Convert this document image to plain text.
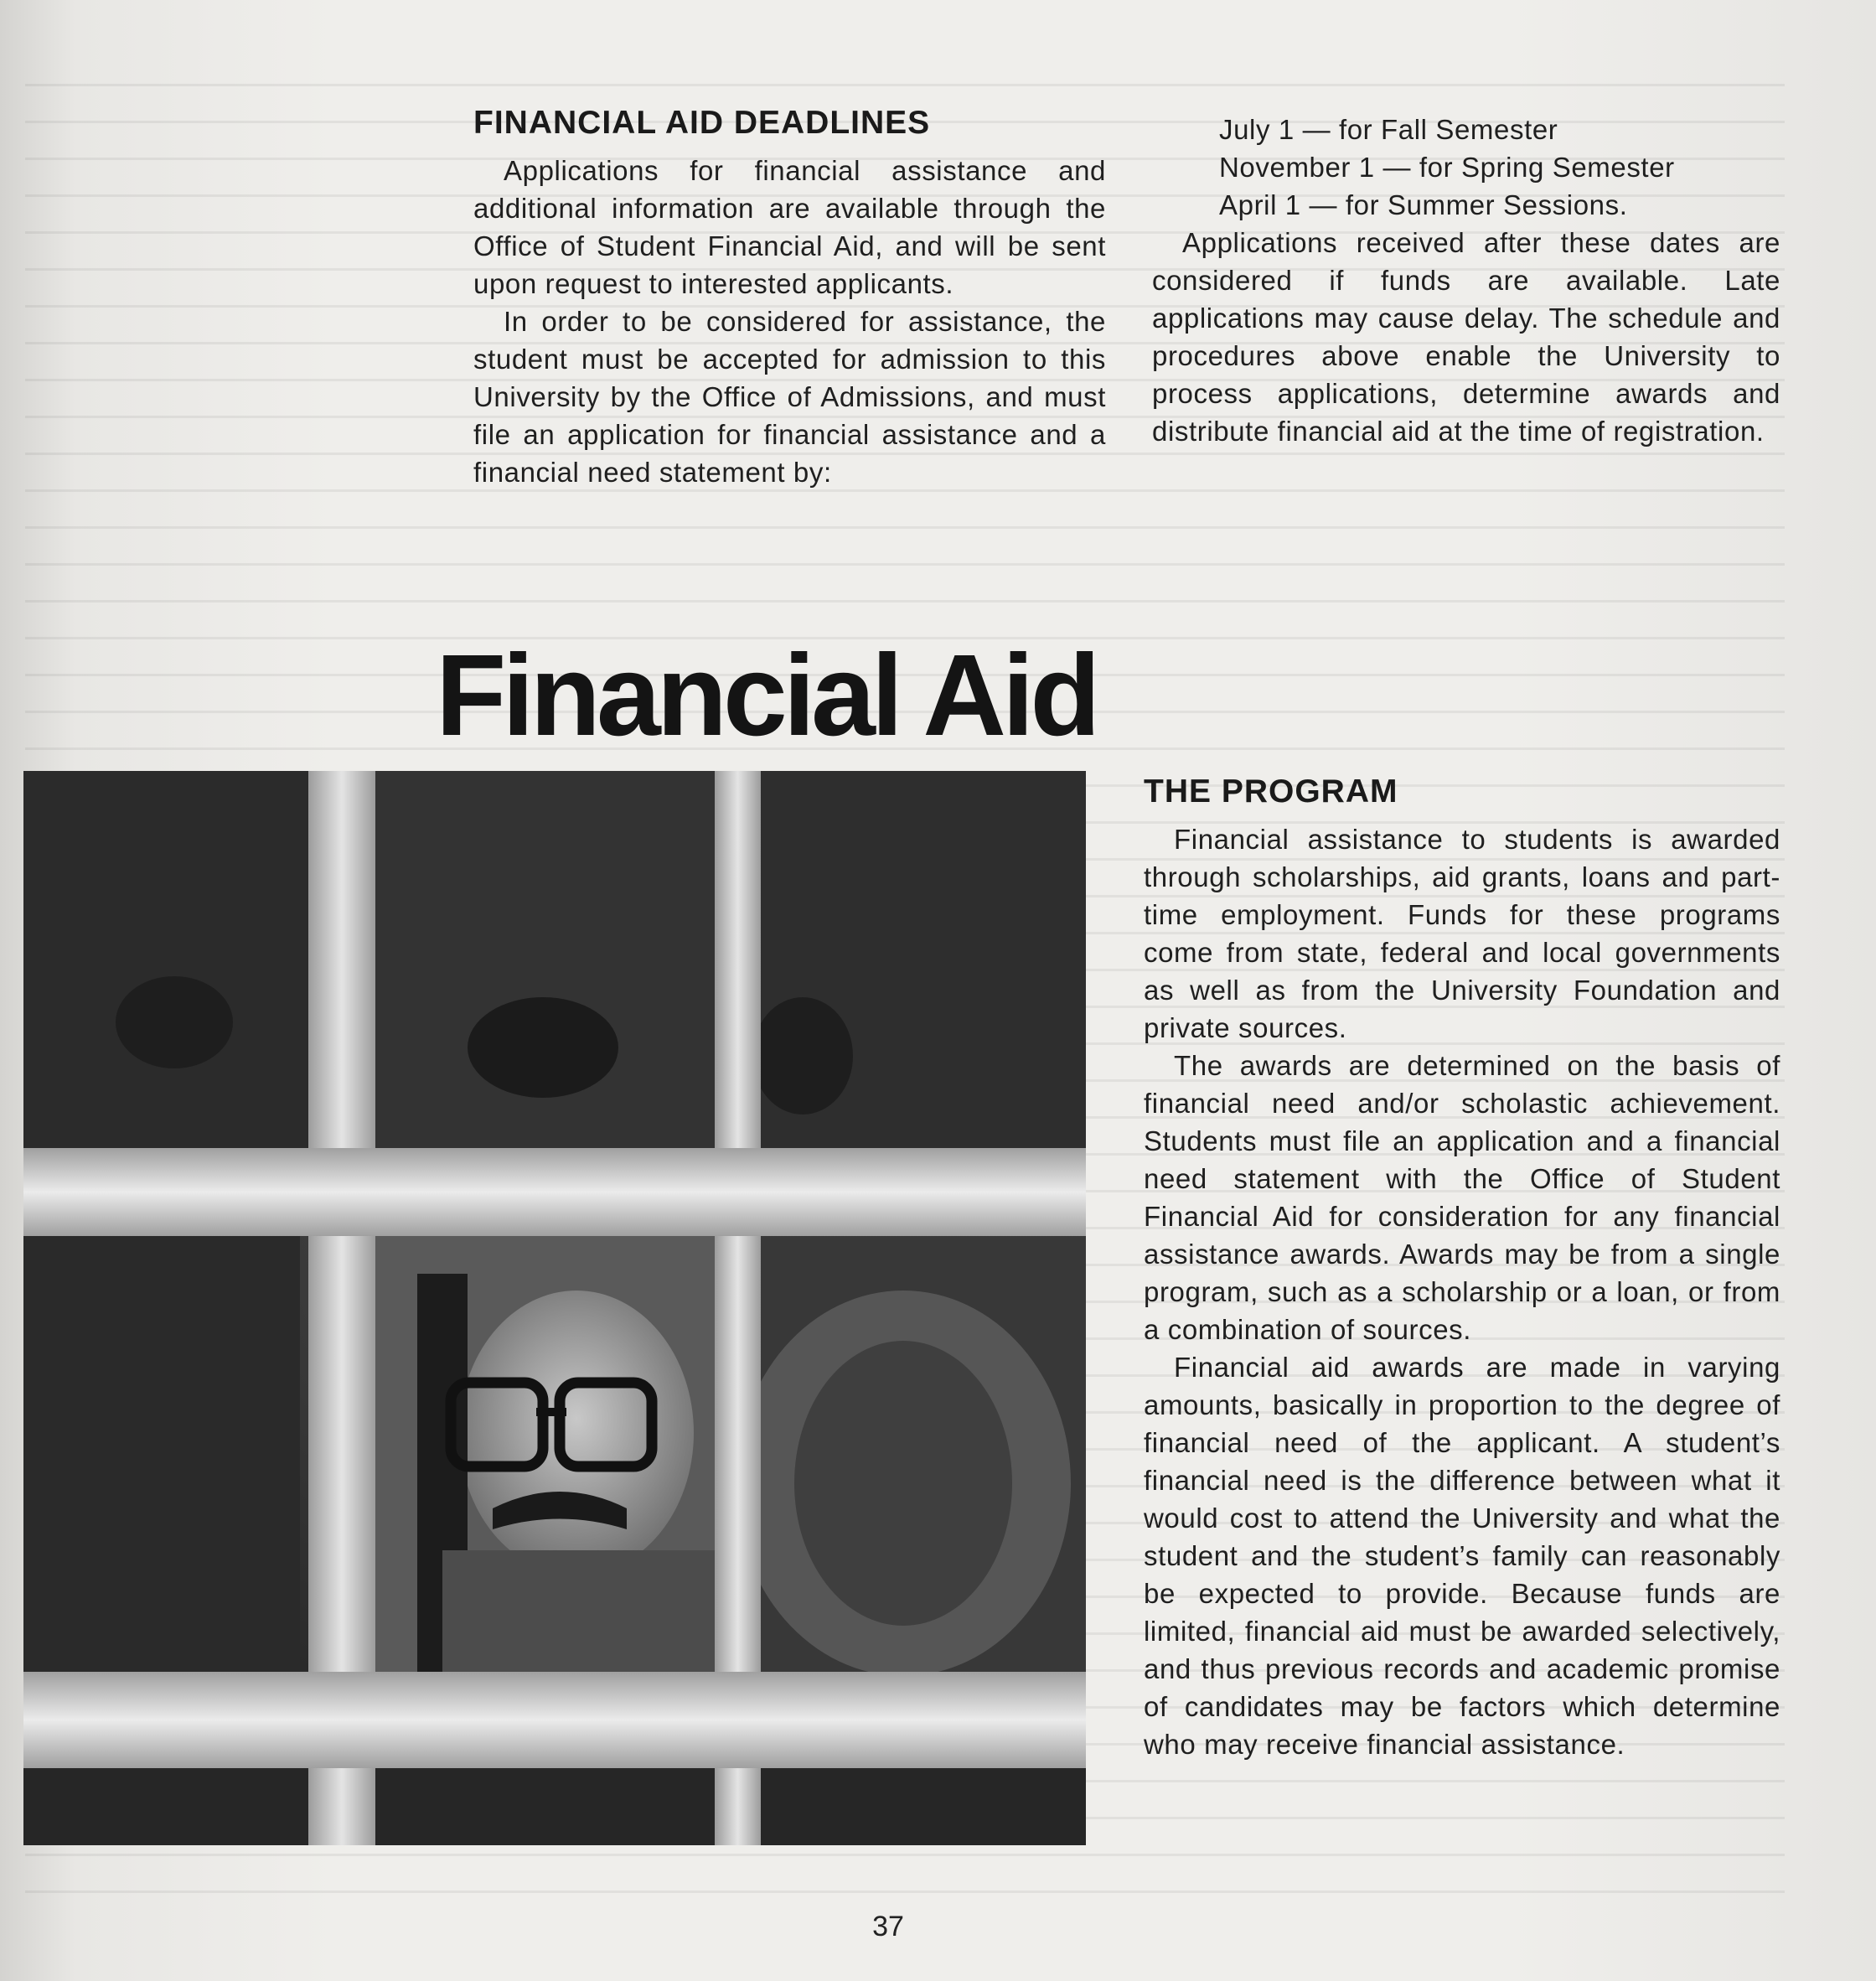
FINANCIAL AID DEADLINES

Applications for financial assistance and additional information are available through the Office of Student Financial Aid, and will be sent upon request to interested applicants.

In order to be considered for assistance, the student must be accepted for admission to this University by the Office of Admissions, and must file an application for financial assistance and a financial need statement by:

July 1 — for Fall Semester

November 1 — for Spring Semester

April 1 — for Summer Sessions.

Applications received after these dates are considered if funds are available. Late applications may cause delay. The schedule and procedures above enable the University to process applications, determine awards and distribute financial aid at the time of registration.

Financial Aid
THE PROGRAM

Financial assistance to students is awarded through scholarships, aid grants, loans and part-time employment. Funds for these programs come from state, federal and local governments as well as from the University Foundation and private sources.

The awards are determined on the basis of financial need and/or scholastic achievement. Students must file an application and a financial need statement with the Office of Student Financial Aid for consideration for any financial assistance awards. Awards may be from a single program, such as a scholarship or a loan, or from a combination of sources.

Financial aid awards are made in varying amounts, basically in proportion to the degree of financial need of the applicant. A student’s financial need is the difference between what it would cost to attend the University and what the student and the student’s family can reasonably be expected to provide. Because funds are limited, financial aid must be awarded selectively, and thus previous records and academic promise of candidates may be factors which determine who may receive financial assistance.

37
